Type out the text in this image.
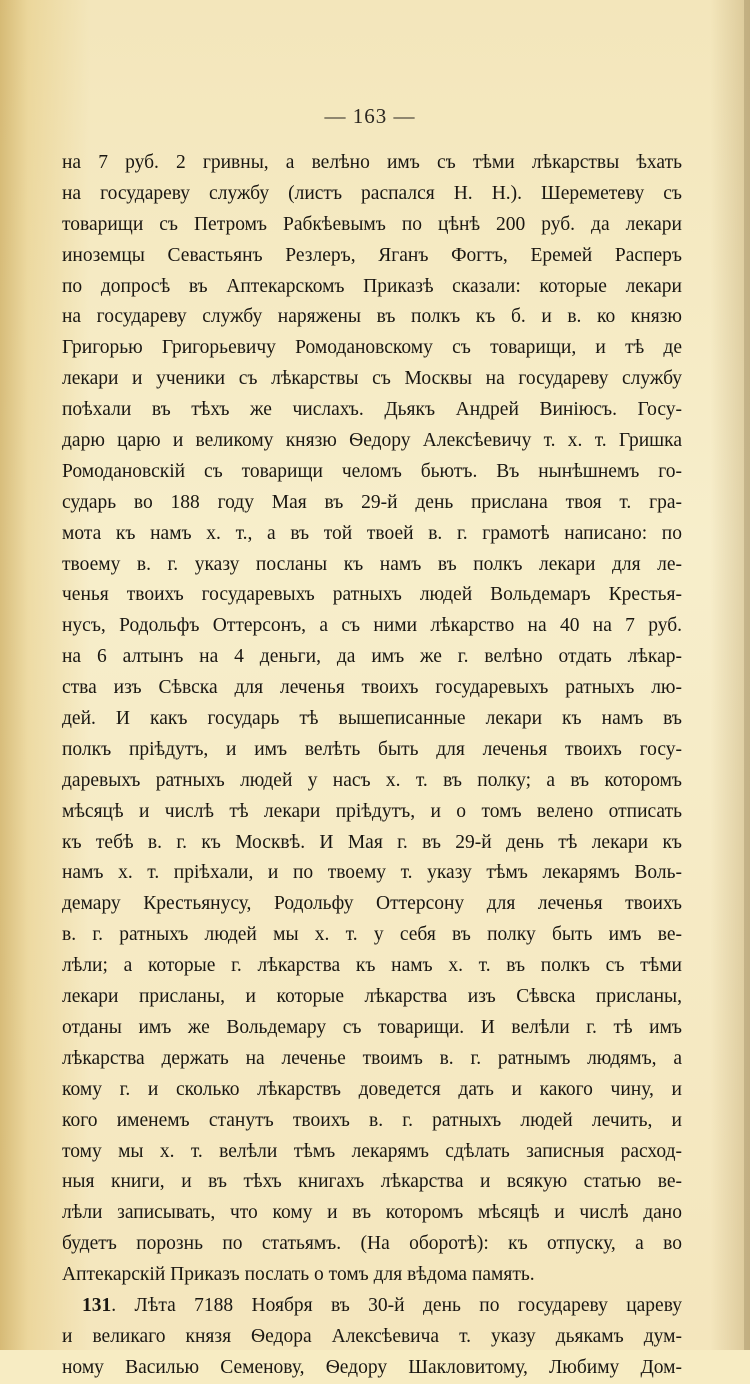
— 163 —
на 7 руб. 2 гривны, а велѣно имъ съ тѣми лѣкарствы ѣхать
на государеву службу (листъ распался Н. Н.). Шереметеву съ
товарищи съ Петромъ Рабкѣевымъ по цѣнѣ 200 руб. да лекари
иноземцы Севастьянъ Резлеръ, Яганъ Фогтъ, Еремей Расперъ
по допросѣ въ Аптекарскомъ Приказѣ сказали: которые лекари
на государеву службу наряжены въ полкъ къ б. и в. ко князю
Григорью Григорьевичу Ромодановскому съ товарищи, и тѣ де
лекари и ученики съ лѣкарствы съ Москвы на государеву службу
поѣхали въ тѣхъ же числахъ. Дьякъ Андрей Виніюсъ. Госу-
дарю царю и великому князю Ѳедору Алексѣевичу т. х. т. Гришка
Ромодановскій съ товарищи челомъ бьютъ. Въ нынѣшнемъ го-
сударь во 188 году Мая въ 29-й день прислана твоя т. гра-
мота къ намъ х. т., а въ той твоей в. г. грамотѣ написано: по
твоему в. г. указу посланы къ намъ въ полкъ лекари для ле-
ченья твоихъ государевыхъ ратныхъ людей Вольдемаръ Крестья-
нусъ, Родольфъ Оттерсонъ, а съ ними лѣкарство на 40 на 7 руб.
на 6 алтынъ на 4 деньги, да имъ же г. велѣно отдать лѣкар-
ства изъ Сѣвска для леченья твоихъ государевыхъ ратныхъ лю-
дей. И какъ государь тѣ вышеписанные лекари къ намъ въ
полкъ пріѣдутъ, и имъ велѣть быть для леченья твоихъ госу-
даревыхъ ратныхъ людей у насъ х. т. въ полку; а въ которомъ
мѣсяцѣ и числѣ тѣ лекари пріѣдутъ, и о томъ велено отписать
къ тебѣ в. г. къ Москвѣ. И Мая г. въ 29-й день тѣ лекари къ
намъ х. т. пріѣхали, и по твоему т. указу тѣмъ лекарямъ Воль-
демару Крестьянусу, Родольфу Оттерсону для леченья твоихъ
в. г. ратныхъ людей мы х. т. у себя въ полку быть имъ ве-
лѣли; а которые г. лѣкарства къ намъ х. т. въ полкъ съ тѣми
лекари присланы, и которые лѣкарства изъ Сѣвска присланы,
отданы имъ же Вольдемару съ товарищи. И велѣли г. тѣ имъ
лѣкарства держать на леченье твоимъ в. г. ратнымъ людямъ, а
кому г. и сколько лѣкарствъ доведется дать и какого чину, и
кого именемъ станутъ твоихъ в. г. ратныхъ людей лечить, и
тому мы х. т. велѣли тѣмъ лекарямъ сдѣлать записныя расход-
ныя книги, и въ тѣхъ книгахъ лѣкарства и всякую статью ве-
лѣли записывать, что кому и въ которомъ мѣсяцѣ и числѣ дано
будетъ порознь по статьямъ. (На оборотѣ): къ отпуску, а во
Аптекарскій Приказъ послать о томъ для вѣдома память.
131. Лѣта 7188 Ноября въ 30-й день по государеву цареву
и великаго князя Ѳедора Алексѣевича т. указу дьякамъ дум-
ному Василью Семенову, Ѳедору Шакловитому, Любиму Дом-
